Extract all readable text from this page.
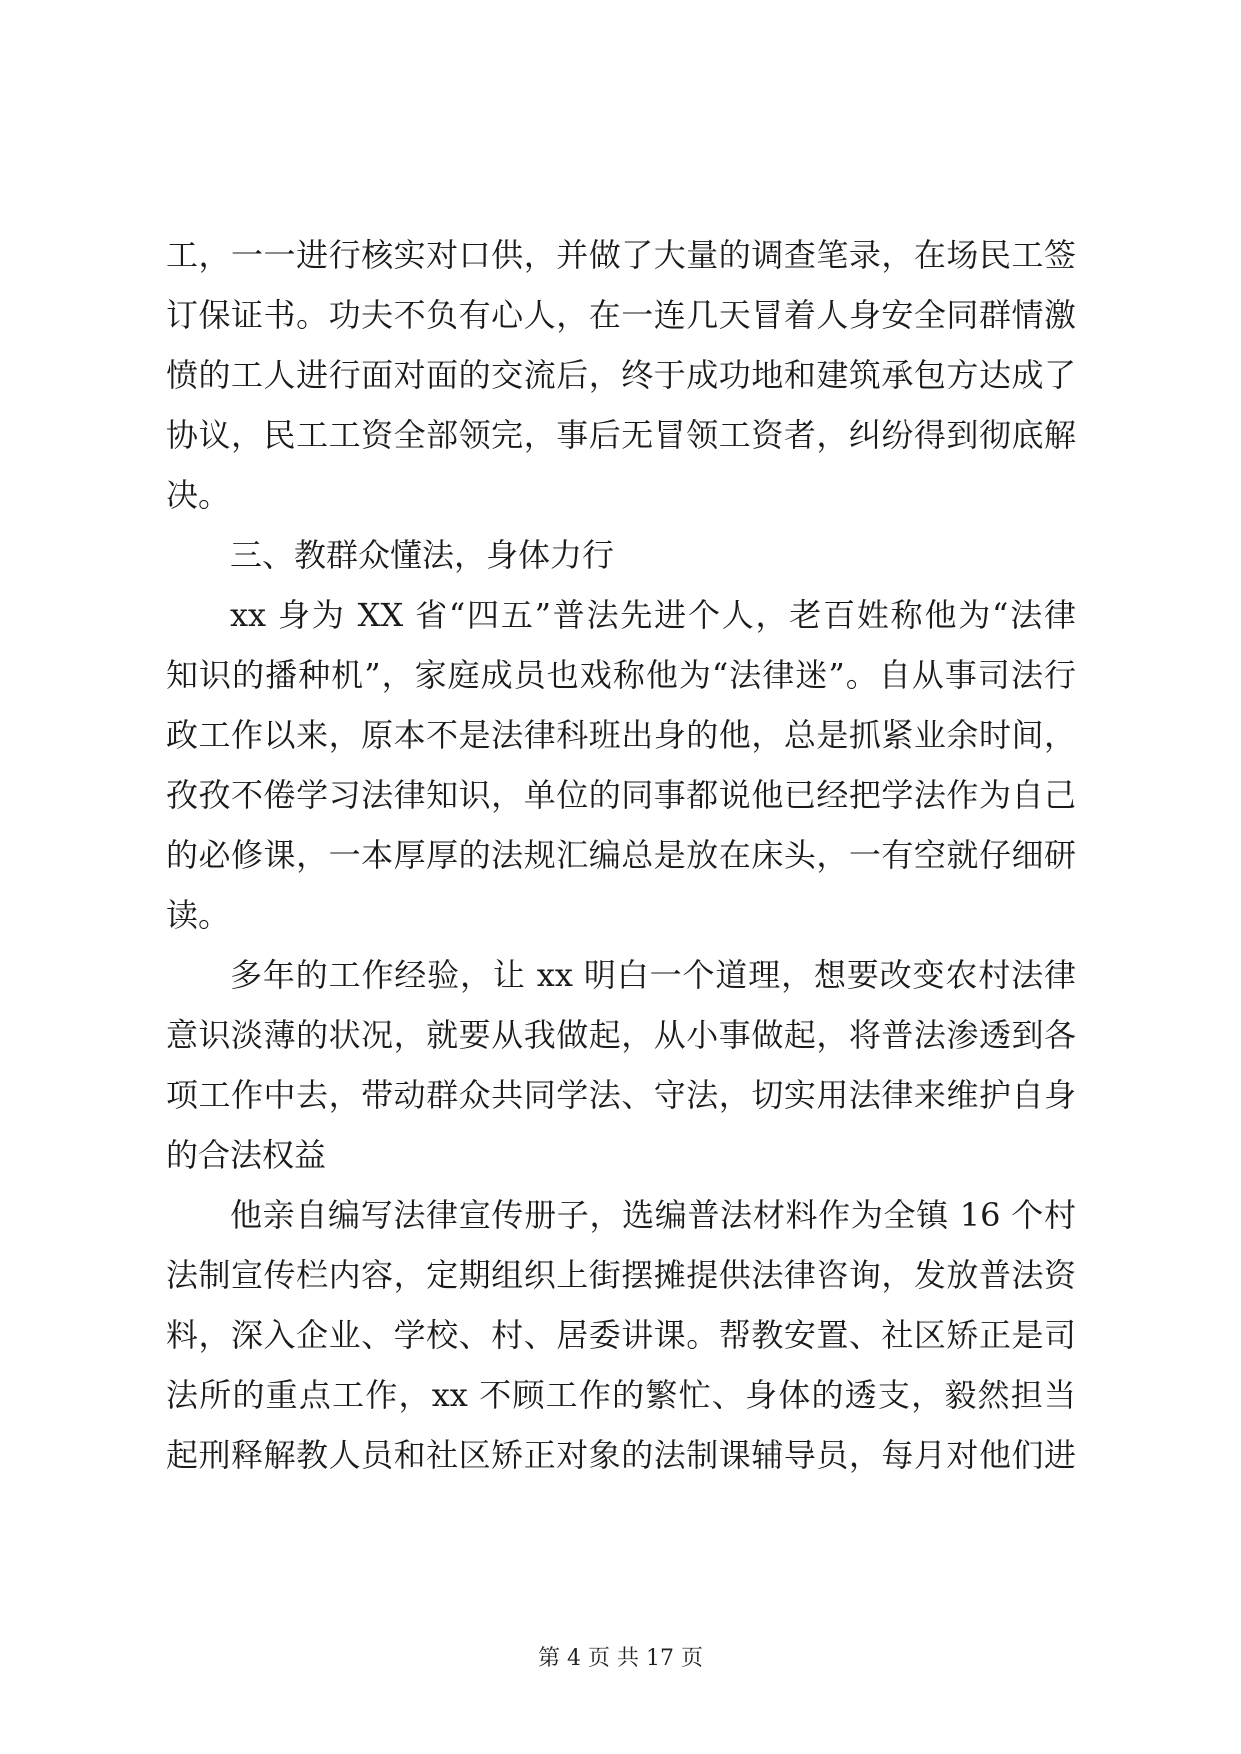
工，一一进行核实对口供，并做了大量的调查笔录，在场民工签
订保证书。功夫不负有心人，在一连几天冒着人身安全同群情激
愤的工人进行面对面的交流后，终于成功地和建筑承包方达成了
协议，民工工资全部领完，事后无冒领工资者，纠纷得到彻底解
决。
三、教群众懂法，身体力行
xx 身为 XX 省“四五”普法先进个人，老百姓称他为“法律
知识的播种机”，家庭成员也戏称他为“法律迷”。自从事司法行
政工作以来，原本不是法律科班出身的他，总是抓紧业余时间，
孜孜不倦学习法律知识，单位的同事都说他已经把学法作为自己
的必修课，一本厚厚的法规汇编总是放在床头，一有空就仔细研
读。
多年的工作经验，让 xx 明白一个道理，想要改变农村法律
意识淡薄的状况，就要从我做起，从小事做起，将普法渗透到各
项工作中去，带动群众共同学法、守法，切实用法律来维护自身
的合法权益
他亲自编写法律宣传册子，选编普法材料作为全镇 16 个村
法制宣传栏内容，定期组织上街摆摊提供法律咨询，发放普法资
料，深入企业、学校、村、居委讲课。帮教安置、社区矫正是司
法所的重点工作，xx 不顾工作的繁忙、身体的透支，毅然担当
起刑释解教人员和社区矫正对象的法制课辅导员，每月对他们进
第 4 页 共 17 页
